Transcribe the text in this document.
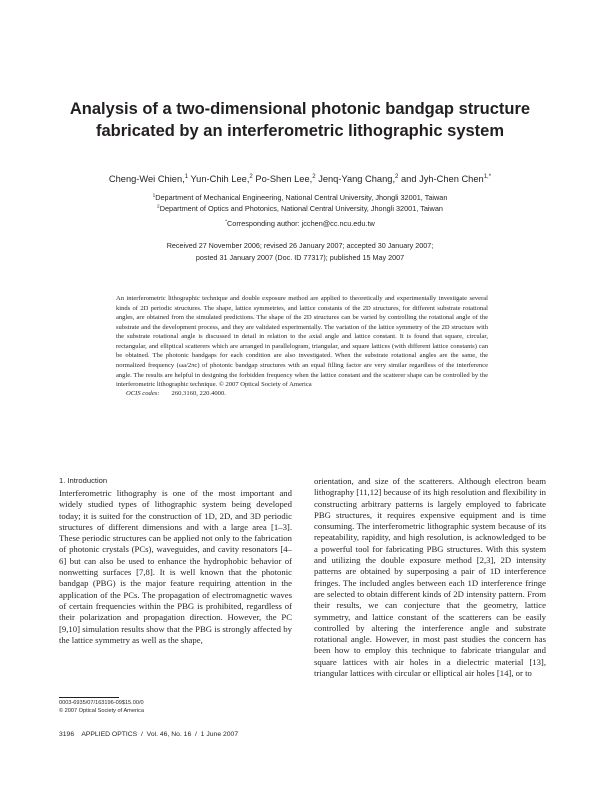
Analysis of a two-dimensional photonic bandgap structure
fabricated by an interferometric lithographic system
Cheng-Wei Chien,$^1$ Yun-Chih Lee,$^2$ Po-Shen Lee,$^2$ Jenq-Yang Chang,$^2$ and Jyh-Chen Chen$^{1,*}$
$^1$Department of Mechanical Engineering, National Central University, Jhongli 32001, Taiwan
$^2$Department of Optics and Photonics, National Central University, Jhongli 32001, Taiwan
*Corresponding author: jcchen@cc.ncu.edu.tw
Received 27 November 2006; revised 26 January 2007; accepted 30 January 2007;
posted 31 January 2007 (Doc. ID 77317); published 15 May 2007

An interferometric lithographic technique and double exposure method are applied to theoretically and experimentally investigate several kinds of 2D periodic structures. The shape, lattice symmetries, and lattice constants of the 2D structures, for different substrate rotational angles, are obtained from the simulated predictions. The shape of the 2D structures can be varied by controlling the rotational angle of the substrate and the development process, and they are validated experimentally. The variation of the lattice symmetry of the 2D structure with the substrate rotational angle is discussed in detail in relation to the axial angle and lattice constant. It is found that square, circular, rectangular, and elliptical scatterers which are arranged in parallelogram, triangular, and square lattices (with different lattice constants) can be obtained. The photonic bandgaps for each condition are also investigated. When the substrate rotational angles are the same, the normalized frequency (ωa/2πc) of photonic bandgap structures with an equal filling factor are very similar regardless of the interference angle. The results are helpful in designing the forbidden frequency when the lattice constant and the scatterer shape can be controlled by the interferometric lithographic technique. © 2007 Optical Society of America

OCIS codes: 260.3160, 220.4000.
1. Introduction

Interferometric lithography is one of the most important and widely studied types of lithographic system being developed today; it is suited for the construction of 1D, 2D, and 3D periodic structures of different dimensions and with a large area [1–3]. These periodic structures can be applied not only to the fabrication of photonic crystals (PCs), waveguides, and cavity resonators [4–6] but can also be used to enhance the hydrophobic behavior of nonwetting surfaces [7,8]. It is well known that the photonic bandgap (PBG) is the major feature requiring attention in the application of the PCs. The propagation of electromagnetic waves of certain frequencies within the PBG is prohibited, regardless of their polarization and propagation direction. However, the PC [9,10] simulation results show that the PBG is strongly affected by the lattice symmetry as well as the shape,

orientation, and size of the scatterers. Although electron beam lithography [11,12] because of its high resolution and flexibility in constructing arbitrary patterns is largely employed to fabricate PBG structures, it requires expensive equipment and is time consuming. The interferometric lithographic system because of its repeatability, rapidity, and high resolution, is acknowledged to be a powerful tool for fabricating PBG structures. With this system and utilizing the double exposure method [2,3], 2D intensity patterns are obtained by superposing a pair of 1D interference fringes. The included angles between each 1D interference fringe are selected to obtain different kinds of 2D intensity pattern. From their results, we can conjecture that the geometry, lattice symmetry, and lattice constant of the scatterers can be easily controlled by altering the interference angle and substrate rotational angle. However, in most past studies the concern has been how to employ this technique to fabricate triangular and square lattices with air holes in a dielectric material [13], triangular lattices with circular or elliptical air holes [14], or to

0003-6935/07/163196-09$15.00/0
© 2007 Optical Society of America
3196 APPLIED OPTICS  /  Vol. 46, No. 16  /  1 June 2007
